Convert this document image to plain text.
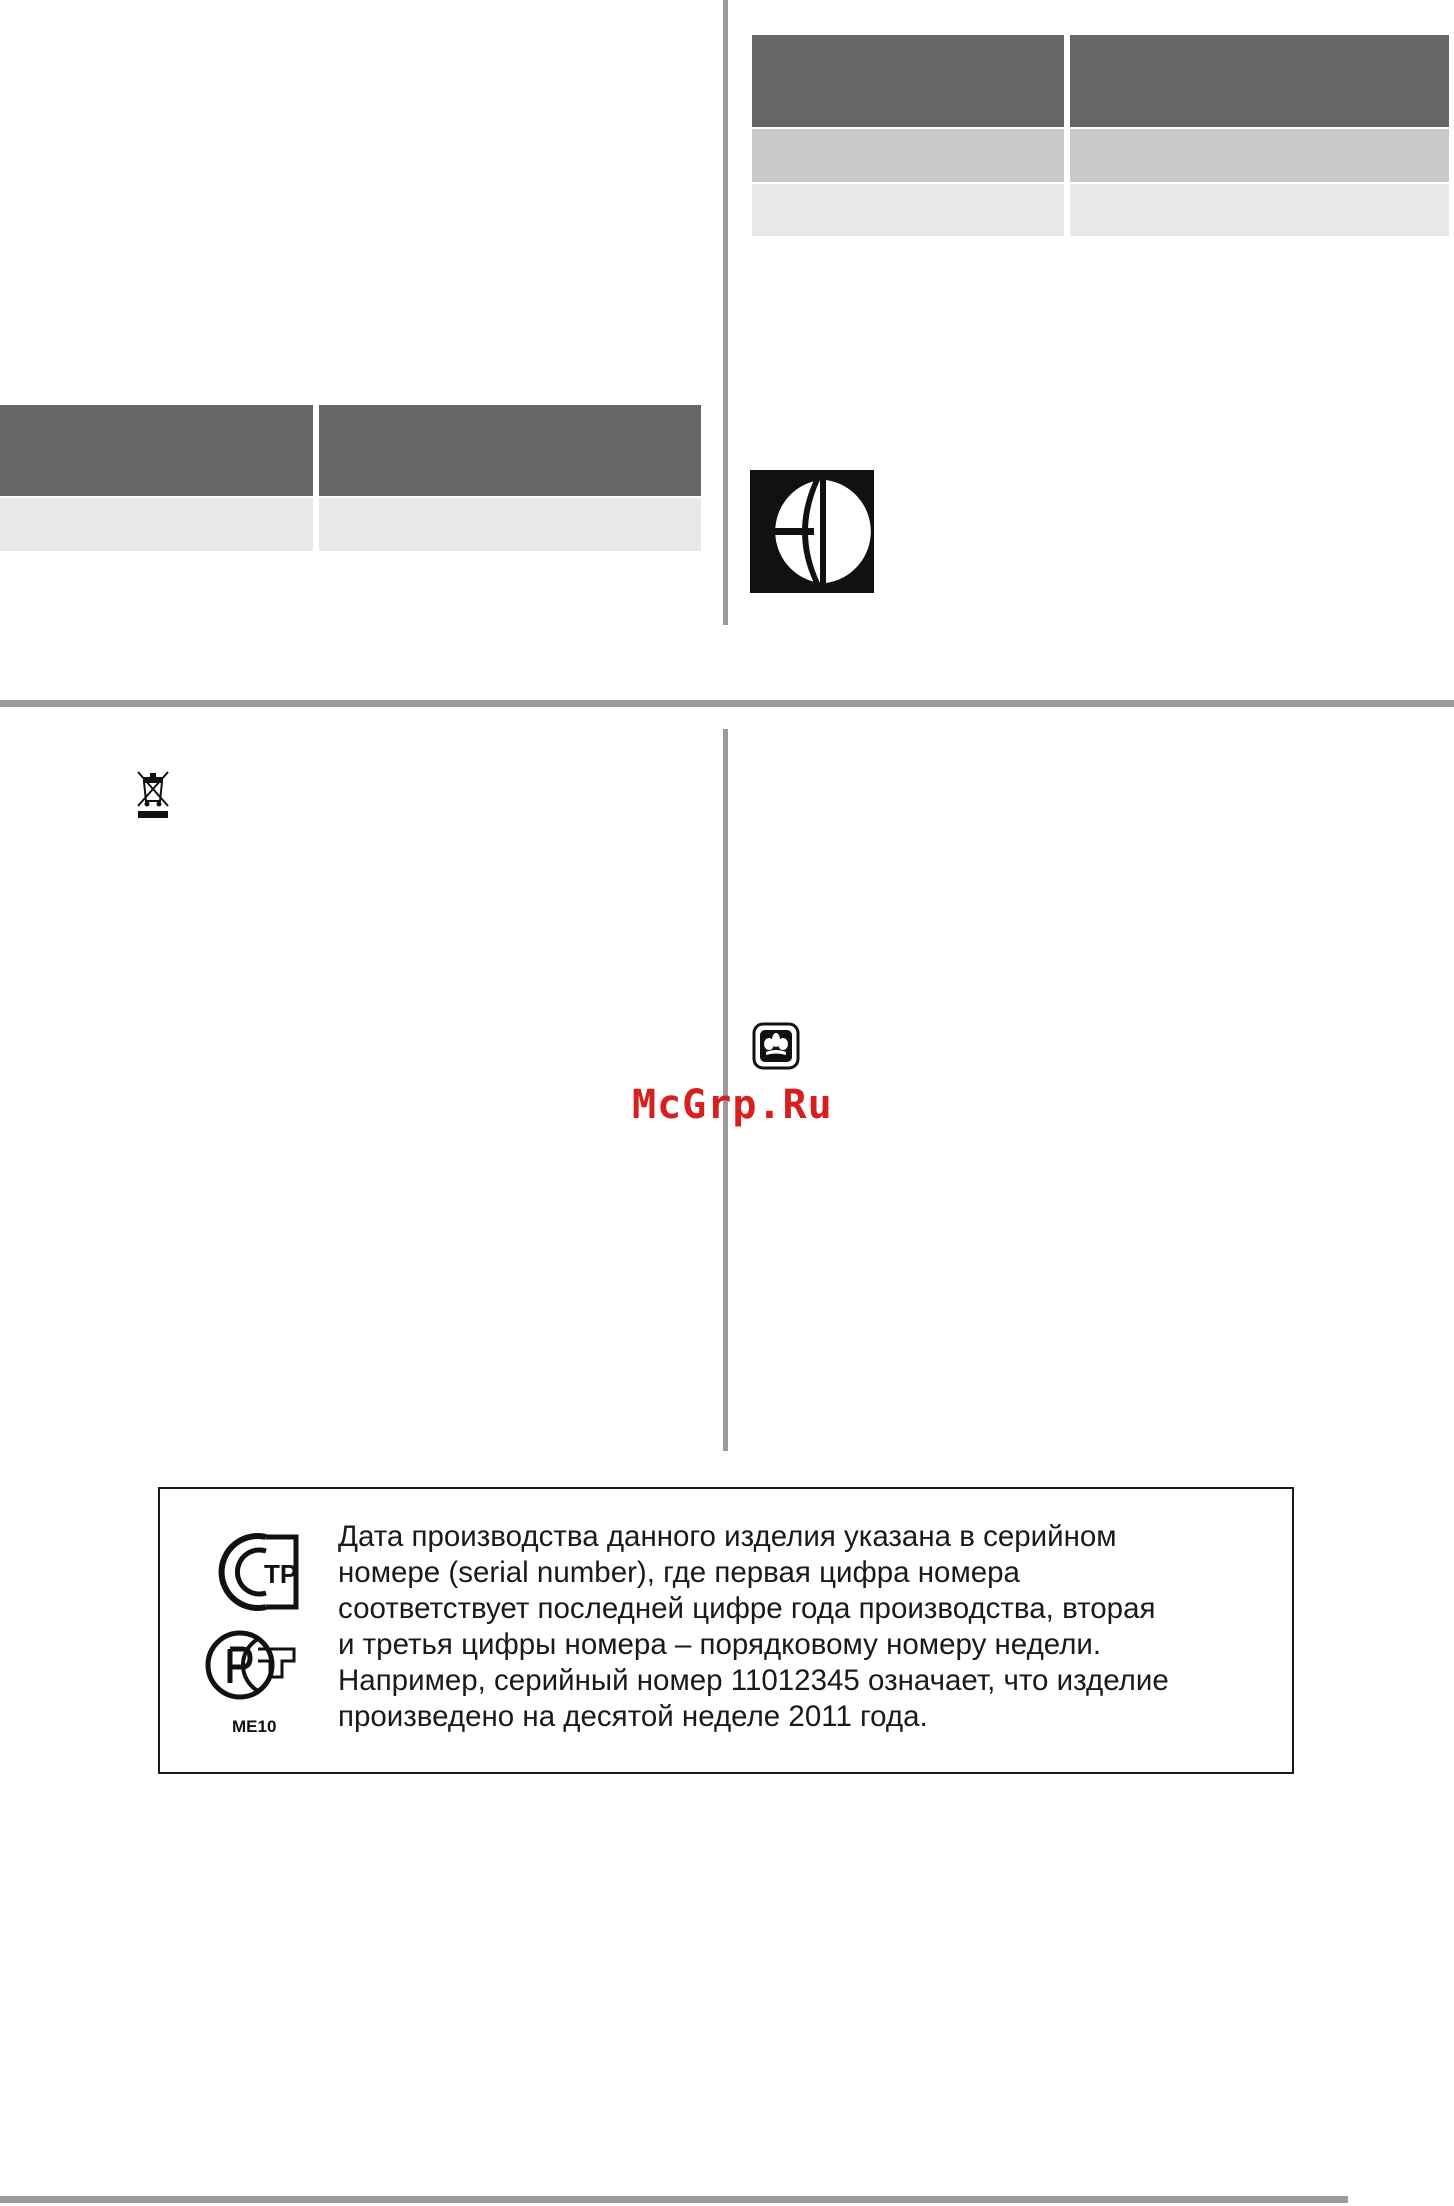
McGrp.Ru
ТР
ME10
Дата производства данного изделия указана в серийном
номере (serial number), где первая цифра номера
соответствует последней цифре года производства, вторая
и третья цифры номера – порядковому номеру недели.
Например, серийный номер 11012345 означает, что изделие
произведено на десятой неделе 2011 года.
